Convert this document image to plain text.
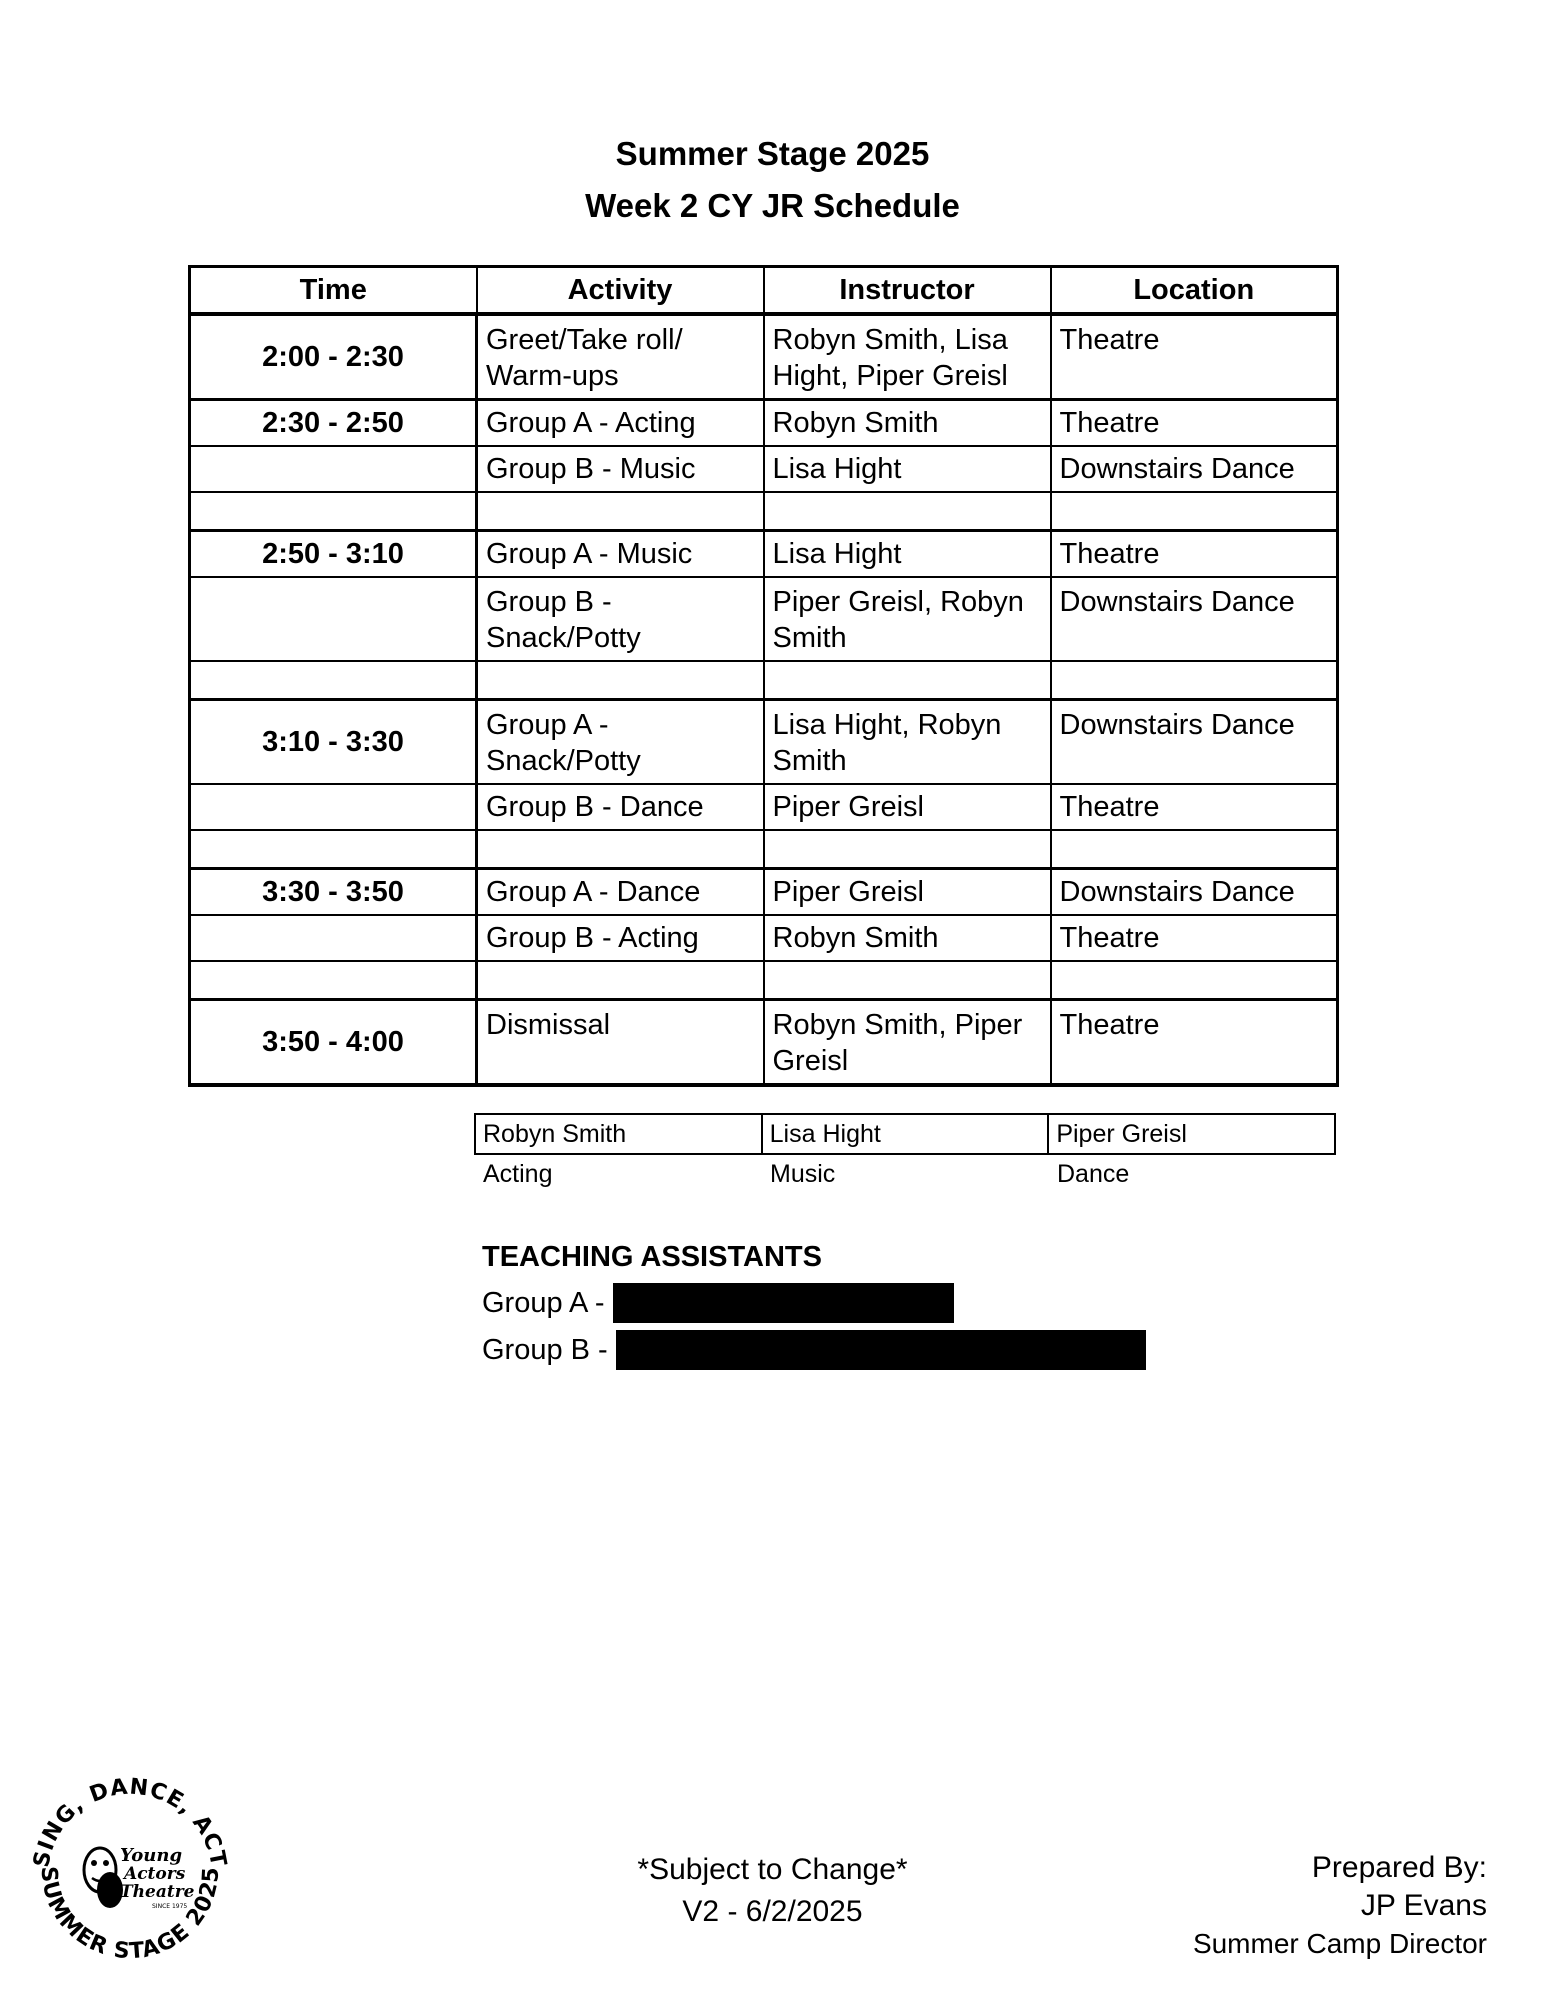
Summer Stage 2025
Week 2 CY JR Schedule
Time	Activity	Instructor	Location
2:00 - 2:30	Greet/Take roll/ Warm-ups	Robyn Smith, Lisa Hight, Piper Greisl	Theatre
2:30 - 2:50	Group A - Acting	Robyn Smith	Theatre
	Group B - Music	Lisa Hight	Downstairs Dance

2:50 - 3:10	Group A - Music	Lisa Hight	Theatre
	Group B - Snack/Potty	Piper Greisl, Robyn Smith	Downstairs Dance

3:10 - 3:30	Group A - Snack/Potty	Lisa Hight, Robyn Smith	Downstairs Dance
	Group B - Dance	Piper Greisl	Theatre

3:30 - 3:50	Group A - Dance	Piper Greisl	Downstairs Dance
	Group B - Acting	Robyn Smith	Theatre

3:50 - 4:00	Dismissal	Robyn Smith, Piper Greisl	Theatre
Robyn Smith	Lisa Hight	Piper Greisl
Acting	Music	Dance
TEACHING ASSISTANTS
Group A -
Group B -
SING, DANCE, ACT
SUMMER STAGE 2025
Young
Actors
Theatre
SINCE 1975
*Subject to Change*
V2 - 6/2/2025
Prepared By:
JP Evans
Summer Camp Director
